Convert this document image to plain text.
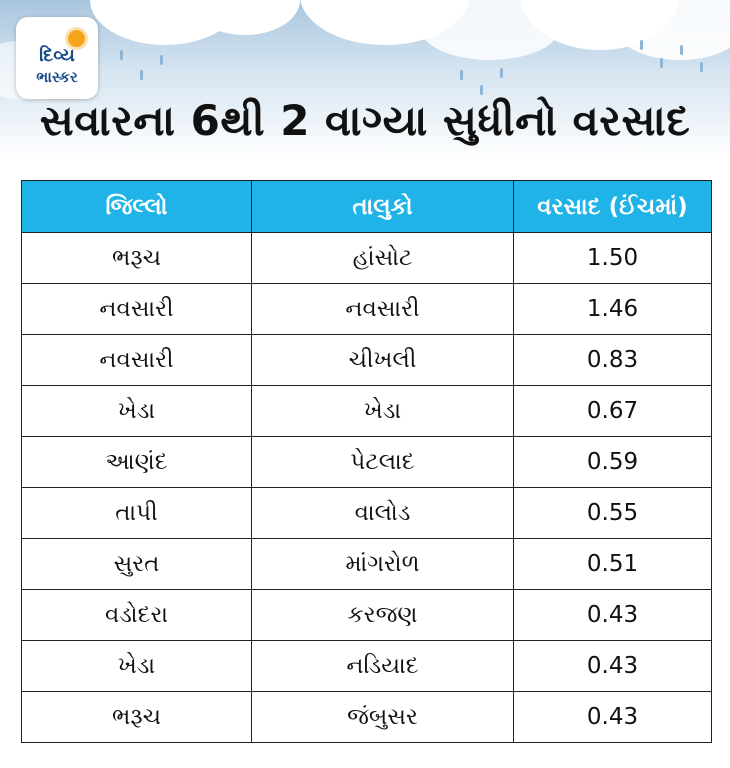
દિવ્ય
ભાસ્કર
સવારના 6થી 2 વાગ્યા સુધીનો વરસાદ
જિલ્લો	તાલુકો	વરસાદ (ઈંચમાં)
ભરૂચ	હાંસોટ	1.50
નવસારી	નવસારી	1.46
નવસારી	ચીખલી	0.83
ખેડા	ખેડા	0.67
આણંદ	પેટલાદ	0.59
તાપી	વાલોડ	0.55
સુરત	માંગરોળ	0.51
વડોદરા	કરજણ	0.43
ખેડા	નડિયાદ	0.43
ભરૂચ	જંબુસર	0.43
